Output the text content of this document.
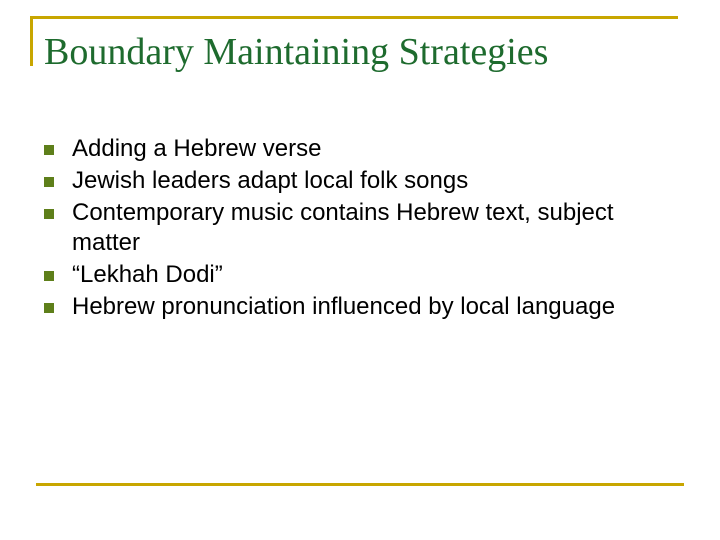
Boundary Maintaining Strategies
Adding a Hebrew verse
Jewish leaders adapt local folk songs
Contemporary music contains Hebrew text, subject matter
“Lekhah Dodi”
Hebrew pronunciation influenced by local language
